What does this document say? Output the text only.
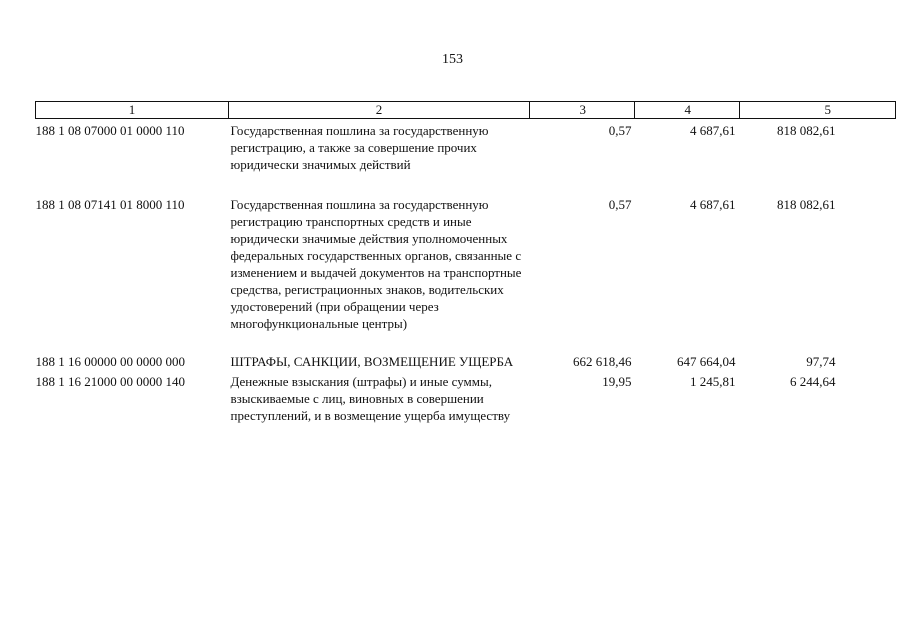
153
1	2	3	4	5
188 1 08 07000 01 0000 110	Государственная пошлина за государственную регистрацию, а также за совершение прочих юридически значимых действий	0,57	4 687,61	818 082,61
188 1 08 07141 01 8000 110	Государственная пошлина за государственную регистрацию транспортных средств и иные юридически значимые действия уполномоченных федеральных государственных органов, связанные с изменением и выдачей документов на транспортные средства, регистрационных знаков, водительских удостоверений (при обращении через многофункциональные центры)	0,57	4 687,61	818 082,61
188 1 16 00000 00 0000 000	ШТРАФЫ, САНКЦИИ, ВОЗМЕЩЕНИЕ УЩЕРБА	662 618,46	647 664,04	97,74
188 1 16 21000 00 0000 140	Денежные взыскания (штрафы) и иные суммы, взыскиваемые с лиц, виновных в совершении преступлений, и в возмещение ущерба имуществу	19,95	1 245,81	6 244,64
